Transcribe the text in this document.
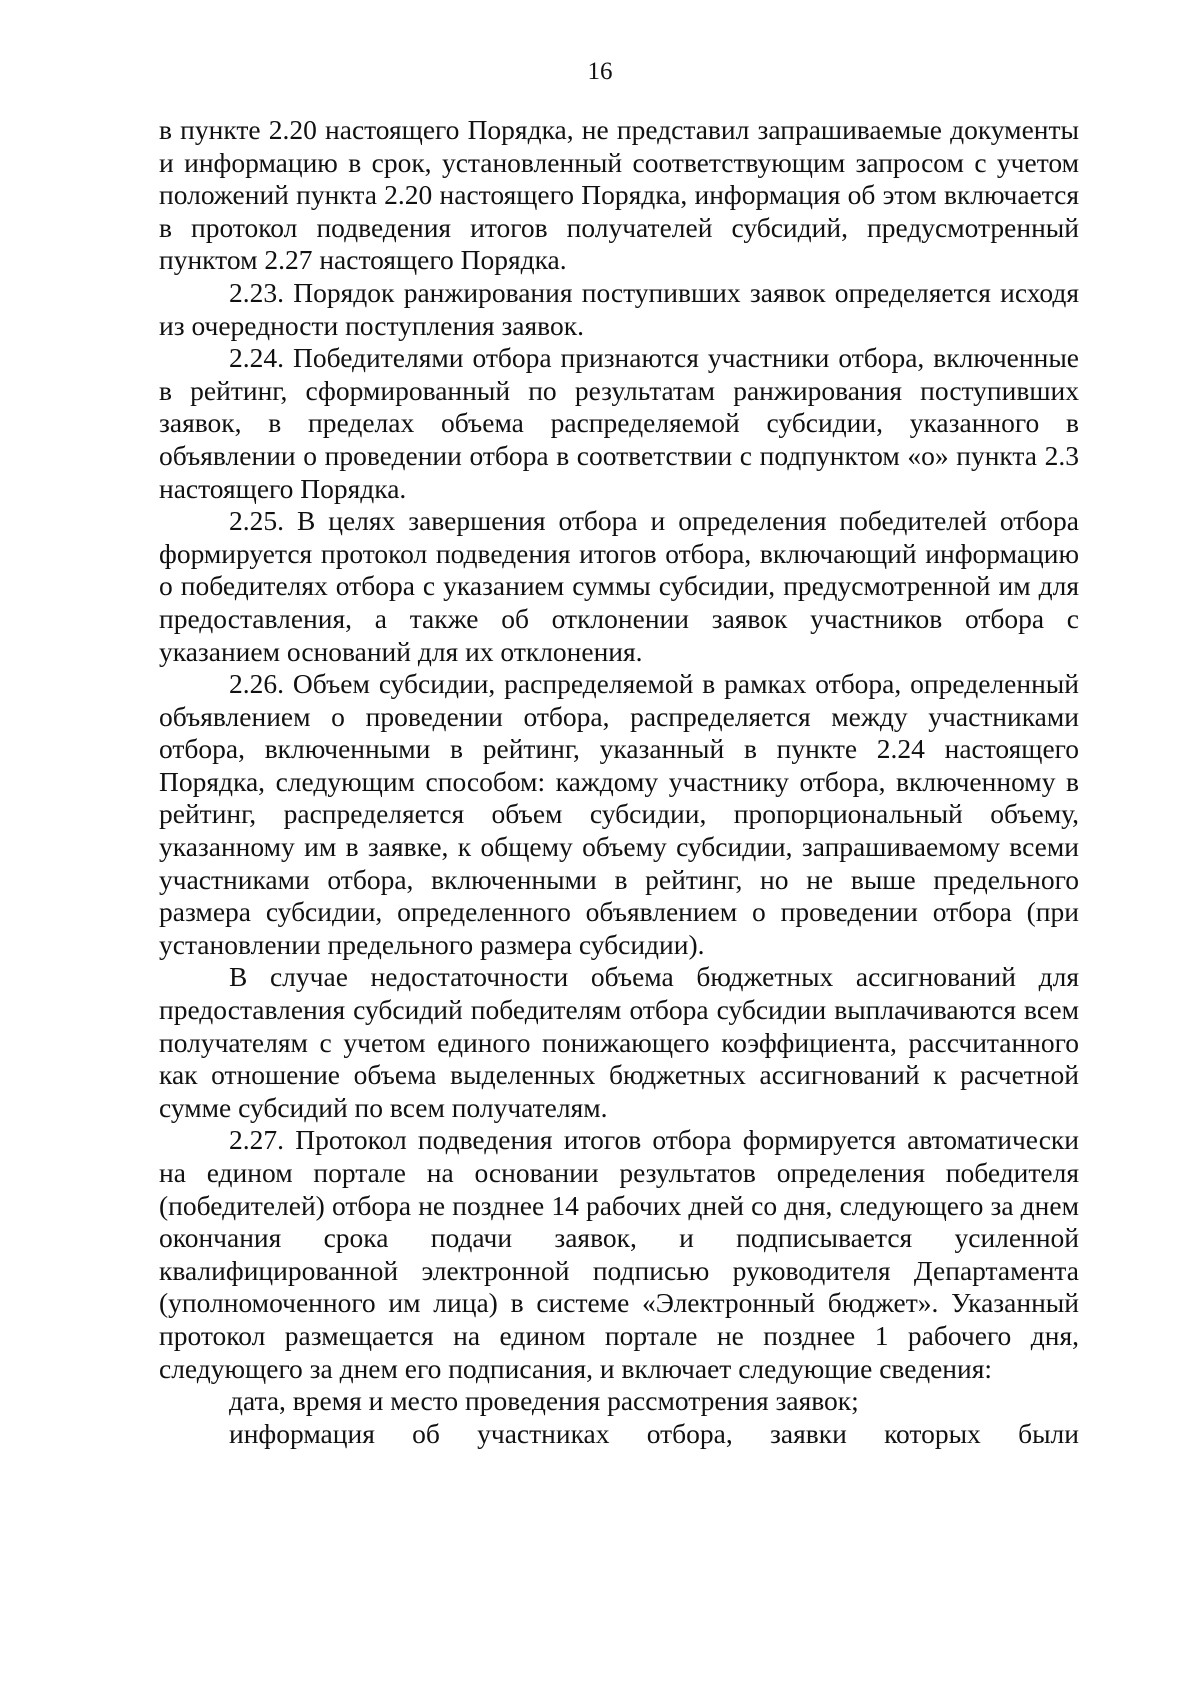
16

в пункте 2.20 настоящего Порядка, не представил запрашиваемые документы и информацию в срок, установленный соответствующим запросом с учетом положений пункта 2.20 настоящего Порядка, информация об этом включается в протокол подведения итогов получателей субсидий, предусмотренный пунктом 2.27 настоящего Порядка.

2.23. Порядок ранжирования поступивших заявок определяется исходя из очередности поступления заявок.

2.24. Победителями отбора признаются участники отбора, включенные в рейтинг, сформированный по результатам ранжирования поступивших заявок, в пределах объема распределяемой субсидии, указанного в объявлении о проведении отбора в соответствии с подпунктом «о» пункта 2.3 настоящего Порядка.

2.25. В целях завершения отбора и определения победителей отбора формируется протокол подведения итогов отбора, включающий информацию о победителях отбора с указанием суммы субсидии, предусмотренной им для предоставления, а также об отклонении заявок участников отбора с указанием оснований для их отклонения.

2.26. Объем субсидии, распределяемой в рамках отбора, определенный объявлением о проведении отбора, распределяется между участниками отбора, включенными в рейтинг, указанный в пункте 2.24 настоящего Порядка, следующим способом: каждому участнику отбора, включенному в рейтинг, распределяется объем субсидии, пропорциональный объему, указанному им в заявке, к общему объему субсидии, запрашиваемому всеми участниками отбора, включенными в рейтинг, но не выше предельного размера субсидии, определенного объявлением о проведении отбора (при установлении предельного размера субсидии).

В случае недостаточности объема бюджетных ассигнований для предоставления субсидий победителям отбора субсидии выплачиваются всем получателям с учетом единого понижающего коэффициента, рассчитанного как отношение объема выделенных бюджетных ассигнований к расчетной сумме субсидий по всем получателям.

2.27. Протокол подведения итогов отбора формируется автоматически на едином портале на основании результатов определения победителя (победителей) отбора не позднее 14 рабочих дней со дня, следующего за днем окончания срока подачи заявок, и подписывается усиленной квалифицированной электронной подписью руководителя Департамента (уполномоченного им лица) в системе «Электронный бюджет». Указанный протокол размещается на едином портале не позднее 1 рабочего дня, следующего за днем его подписания, и включает следующие сведения:

дата, время и место проведения рассмотрения заявок;

информация об участниках отбора, заявки которых были
